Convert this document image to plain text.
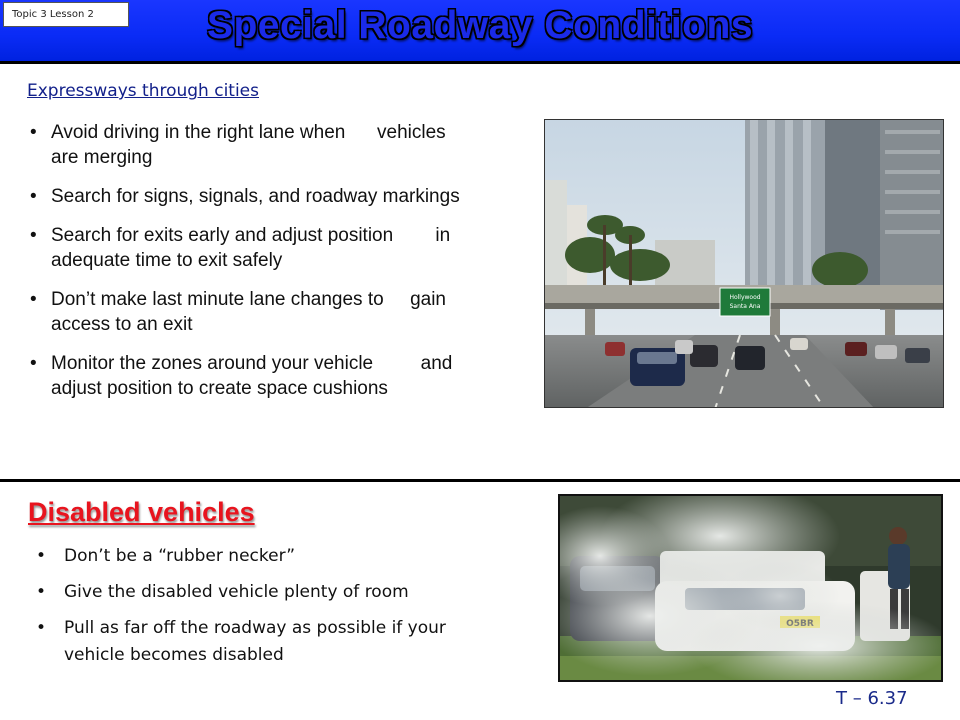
Special Roadway Conditions
Topic 3 Lesson 2
Expressways through cities
• Avoid driving in the right lane when      vehicles
are merging
• Search for signs, signals, and roadway markings
• Search for exits early and adjust position        in
adequate time to exit safely
• Don’t make last minute lane changes to     gain
access to an exit
• Monitor the zones around your vehicle         and
adjust position to create space cushions
Hollywood
Santa Ana
Disabled vehicles
• Don’t be a “rubber necker”
• Give the disabled vehicle plenty of room
• Pull as far off the roadway as possible if your
vehicle becomes disabled
T – 6.37
